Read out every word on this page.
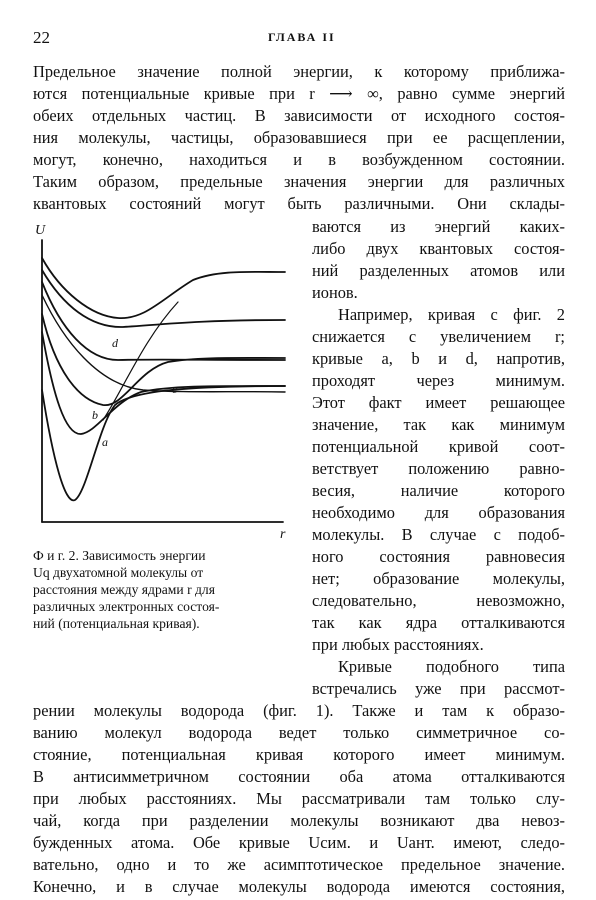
22	ГЛАВА II
Предельное значение полной энергии, к которому приближа-
ются потенциальные кривые при r ⟶ ∞, равно сумме энергий
обеих отдельных частиц. В зависимости от исходного состоя-
ния молекулы, частицы, образовавшиеся при ее расщеплении,
могут, конечно, находиться и в возбужденном состоянии.
Таким образом, предельные значения энергии для различных
квантовых состояний могут быть различными. Они склады-
ваются из энергий каких-
либо двух квантовых состоя-
ний разделенных атомов или
ионов.
Например, кривая c фиг. 2
снижается с увеличением r;
кривые a, b и d, напротив,
проходят через минимум.
Этот факт имеет решающее
значение, так как минимум
потенциальной кривой соот-
ветствует положению равно-
весия, наличие которого
необходимо для образования
молекулы. В случае c подоб-
ного состояния равновесия
нет; образование молекулы,
следовательно, невозможно,
так как ядра отталкиваются
при любых расстояниях.
Кривые подобного типа
встречались уже при рассмот-
рении молекулы водорода (фиг. 1). Также и там к образо-
ванию молекул водорода ведет только симметричное со-
стояние, потенциальная кривая которого имеет минимум.
В антисимметричном состоянии оба атома отталкиваются
при любых расстояниях. Мы рассматривали там только слу-
чай, когда при разделении молекулы возникают два невоз-
бужденных атома. Обе кривые Uсим. и Uант. имеют, следо-
вательно, одно и то же асимптотическое предельное значение.
Конечно, и в случае молекулы водорода имеются состояния,
U
r
d
c
b
a
Ф и г. 2. Зависимость энергии
Uq двухатомной молекулы от
расстояния между ядрами r для
различных электронных состоя-
ний (потенциальная кривая).
